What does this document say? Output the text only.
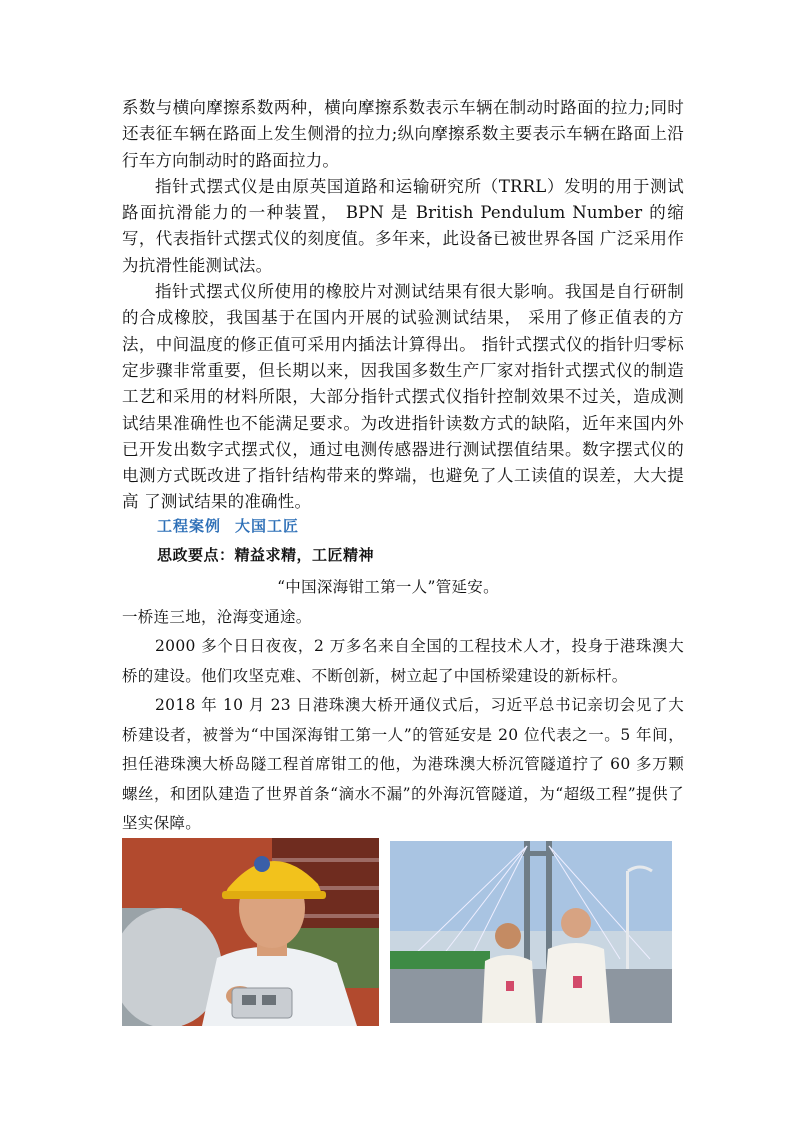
系数与横向摩擦系数两种，横向摩擦系数表示车辆在制动时路面的拉力;同时还表征车辆在路面上发生侧滑的拉力;纵向摩擦系数主要表示车辆在路面上沿行车方向制动时的路面拉力。

指针式摆式仪是由原英国道路和运输研究所（TRRL）发明的用于测试路面抗滑能力的一种装置， BPN 是 British Pendulum Number 的缩写，代表指针式摆式仪的刻度值。多年来，此设备已被世界各国 广泛采用作为抗滑性能测试法。

指针式摆式仪所使用的橡胶片对测试结果有很大影响。我国是自行研制的合成橡胶，我国基于在国内开展的试验测试结果， 采用了修正值表的方法，中间温度的修正值可采用内插法计算得出。 指针式摆式仪的指针归零标定步骤非常重要，但长期以来，因我国多数生产厂家对指针式摆式仪的制造工艺和采用的材料所限，大部分指针式摆式仪指针控制效果不过关，造成测试结果准确性也不能满足要求。为改进指针读数方式的缺陷，近年来国内外已开发出数字式摆式仪，通过电测传感器进行测试摆值结果。数字摆式仪的电测方式既改进了指针结构带来的弊端，也避免了人工读值的误差，大大提高 了测试结果的准确性。

工程案例 大国工匠
思政要点：精益求精，工匠精神

“中国深海钳工第一人”管延安。

一桥连三地，沧海变通途。

2000 多个日日夜夜，2 万多名来自全国的工程技术人才，投身于港珠澳大桥的建设。他们攻坚克难、不断创新，树立起了中国桥梁建设的新标杆。

2018 年 10 月 23 日港珠澳大桥开通仪式后，习近平总书记亲切会见了大桥建设者，被誉为“中国深海钳工第一人”的管延安是 20 位代表之一。5 年间，担任港珠澳大桥岛隧工程首席钳工的他，为港珠澳大桥沉管隧道拧了 60 多万颗螺丝，和团队建造了世界首条“滴水不漏”的外海沉管隧道，为“超级工程”提供了坚实保障。
